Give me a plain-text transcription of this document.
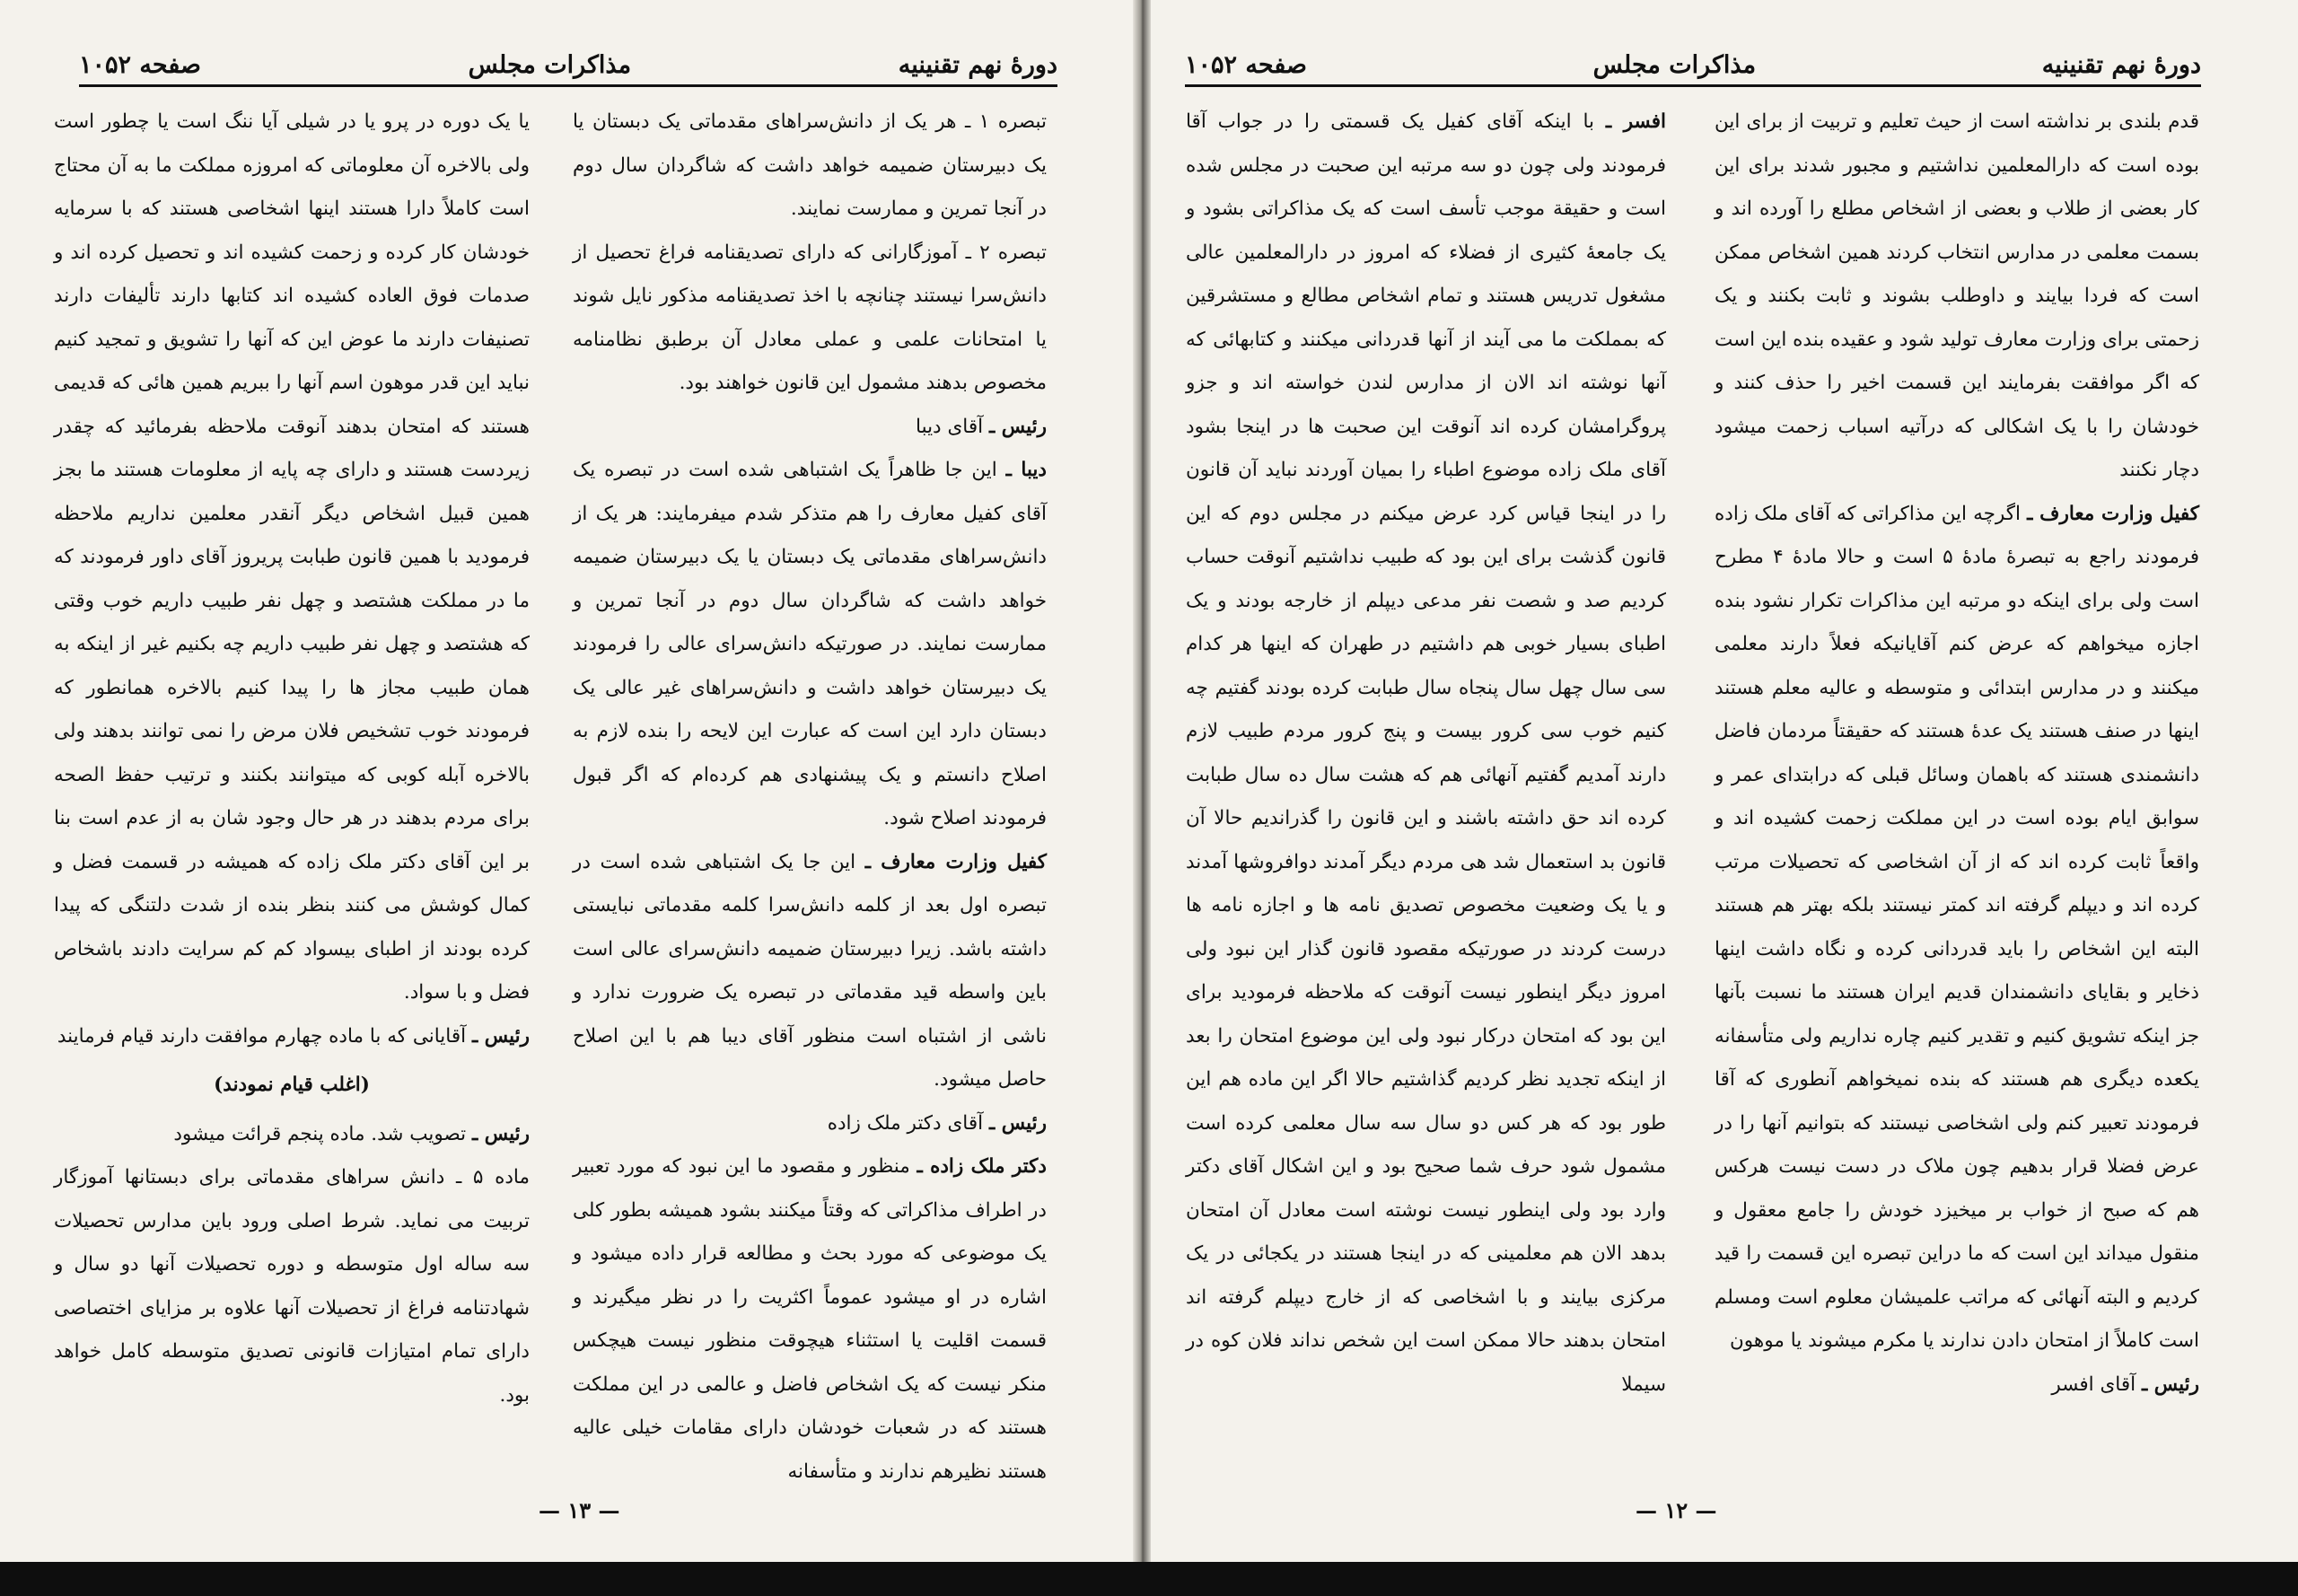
دورهٔ نهم تقنینیه
مذاکرات مجلس
صفحه ۱۰۵۲

تبصره ۱ ـ هر یک از دانش‌سراهای مقدماتی یک دبستان یا یک دبیرستان ضمیمه خواهد داشت که شاگردان سال دوم در آنجا تمرین و ممارست نمایند.

تبصره ۲ ـ آموزگارانی که دارای تصدیقنامه فراغ تحصیل از دانش‌سرا نیستند چنانچه با اخذ تصدیقنامه مذکور نایل شوند یا امتحانات علمی و عملی معادل آن برطبق نظامنامه مخصوص بدهند مشمول این قانون خواهند بود.

رئیس ـ آقای دیبا

دیبا ـ این جا ظاهراً یک اشتباهی شده است در تبصره یک آقای کفیل معارف را هم متذکر شدم میفرمایند: هر یک از دانش‌سراهای مقدماتی یک دبستان یا یک دبیرستان ضمیمه خواهد داشت که شاگردان سال دوم در آنجا تمرین و ممارست نمایند. در صورتیکه دانش‌سرای عالی را فرمودند یک دبیرستان خواهد داشت و دانش‌سراهای غیر عالی یک دبستان دارد این است که عبارت این لایحه را بنده لازم به اصلاح دانستم و یک پیشنهادی هم کرده‌ام که اگر قبول فرمودند اصلاح شود.

کفیل وزارت معارف ـ این جا یک اشتباهی شده است در تبصره اول بعد از کلمه دانش‌سرا کلمه مقدماتی نبایستی داشته باشد. زیرا دبیرستان ضمیمه دانش‌سرای عالی است باین واسطه قید مقدماتی در تبصره یک ضرورت ندارد و ناشی از اشتباه است منظور آقای دیبا هم با این اصلاح حاصل میشود.

رئیس ـ آقای دکتر ملک زاده

دکتر ملک زاده ـ منظور و مقصود ما این نبود که مورد تعبیر در اطراف مذاکراتی که وقتاً میکنند بشود همیشه بطور کلی یک موضوعی که مورد بحث و مطالعه قرار داده میشود و اشاره در او میشود عموماً اکثریت را در نظر میگیرند و قسمت اقلیت یا استثناء هیچوقت منظور نیست هیچکس منکر نیست که یک اشخاص فاضل و عالمی در این مملکت هستند که در شعبات خودشان دارای مقامات خیلی عالیه هستند نظیرهم ندارند و متأسفانه

یا یک دوره در پرو یا در شیلی آیا ننگ است یا چطور است ولی بالاخره آن معلوماتی که امروزه مملکت ما به آن محتاج است کاملاً دارا هستند اینها اشخاصی هستند که با سرمایه خودشان کار کرده و زحمت کشیده اند و تحصیل کرده اند و صدمات فوق العاده کشیده اند کتابها دارند تألیفات دارند تصنیفات دارند ما عوض این که آنها را تشویق و تمجید کنیم نباید این قدر موهون اسم آنها را ببریم همین هائی که قدیمی هستند که امتحان بدهند آنوقت ملاحظه بفرمائید که چقدر زیردست هستند و دارای چه پایه از معلومات هستند ما بجز همین قبیل اشخاص دیگر آنقدر معلمین نداریم ملاحظه فرمودید با همین قانون طبابت پریروز آقای داور فرمودند که ما در مملکت هشتصد و چهل نفر طبیب داریم خوب وقتی که هشتصد و چهل نفر طبیب داریم چه بکنیم غیر از اینکه به همان طبیب مجاز ها را پیدا کنیم بالاخره همانطور که فرمودند خوب تشخیص فلان مرض را نمی توانند بدهند ولی بالاخره آبله کوبی که میتوانند بکنند و ترتیب حفظ الصحه برای مردم بدهند در هر حال وجود شان به از عدم است بنا بر این آقای دکتر ملک زاده که همیشه در قسمت فضل و کمال کوشش می کنند بنظر بنده از شدت دلتنگی که پیدا کرده بودند از اطبای بیسواد کم کم سرایت دادند باشخاص فضل و با سواد.

رئیس ـ آقایانی که با ماده چهارم موافقت دارند قیام فرمایند

(اغلب قیام نمودند)

رئیس ـ تصویب شد. ماده پنجم قرائت میشود

ماده ۵ ـ دانش سراهای مقدماتی برای دبستانها آموزگار تربیت می نماید. شرط اصلی ورود باین مدارس تحصیلات سه ساله اول متوسطه و دوره تحصیلات آنها دو سال و شهادتنامه فراغ از تحصیلات آنها علاوه بر مزایای اختصاصی دارای تمام امتیازات قانونی تصدیق متوسطه کامل خواهد بود.

— ۱۳ —
دورهٔ نهم تقنینیه
مذاکرات مجلس
صفحه ۱۰۵۲

قدم بلندی بر نداشته است از حیث تعلیم و تربیت از برای این بوده است که دارالمعلمین نداشتیم و مجبور شدند برای این کار بعضی از طلاب و بعضی از اشخاص مطلع را آورده اند و بسمت معلمی در مدارس انتخاب کردند همین اشخاص ممکن است که فردا بیایند و داوطلب بشوند و ثابت بکنند و یک زحمتی برای وزارت معارف تولید شود و عقیده بنده این است که اگر موافقت بفرمایند این قسمت اخیر را حذف کنند و خودشان را با یک اشکالی که درآتیه اسباب زحمت میشود دچار نکنند

کفیل وزارت معارف ـ اگرچه این مذاکراتی که آقای ملک زاده فرمودند راجع به تبصرهٔ مادهٔ ۵ است و حالا مادهٔ ۴ مطرح است ولی برای اینکه دو مرتبه این مذاکرات تکرار نشود بنده اجازه میخواهم که عرض کنم آقایانیکه فعلاً دارند معلمی میکنند و در مدارس ابتدائی و متوسطه و عالیه معلم هستند اینها در صنف هستند یک عدهٔ هستند که حقیقتاً مردمان فاضل دانشمندی هستند که باهمان وسائل قبلی که درابتدای عمر و سوابق ایام بوده است در این مملکت زحمت کشیده اند و واقعاً ثابت کرده اند که از آن اشخاصی که تحصیلات مرتب کرده اند و دیپلم گرفته اند کمتر نیستند بلکه بهتر هم هستند البته این اشخاص را باید قدردانی کرده و نگاه داشت اینها ذخایر و بقایای دانشمندان قدیم ایران هستند ما نسبت بآنها جز اینکه تشویق کنیم و تقدیر کنیم چاره نداریم ولی متأسفانه یکعده دیگری هم هستند که بنده نمیخواهم آنطوری که آقا فرمودند تعبیر کنم ولی اشخاصی نیستند که بتوانیم آنها را در عرض فضلا قرار بدهیم چون ملاک در دست نیست هرکس هم که صبح از خواب بر میخیزد خودش را جامع معقول و منقول میداند این است که ما دراین تبصره این قسمت را قید کردیم و البته آنهائی که مراتب علمیشان معلوم است ومسلم است کاملاً از امتحان دادن ندارند یا مکرم میشوند یا موهون

رئیس ـ آقای افسر

افسر ـ با اینکه آقای کفیل یک قسمتی را در جواب آقا فرمودند ولی چون دو سه مرتبه این صحبت در مجلس شده است و حقیقة موجب تأسف است که یک مذاکراتی بشود و یک جامعهٔ کثیری از فضلاء که امروز در دارالمعلمین عالی مشغول تدریس هستند و تمام اشخاص مطالع و مستشرقین که بمملکت ما می آیند از آنها قدردانی میکنند و کتابهائی که آنها نوشته اند الان از مدارس لندن خواسته اند و جزو پروگرامشان کرده اند آنوقت این صحبت ها در اینجا بشود آقای ملک زاده موضوع اطباء را بمیان آوردند نباید آن قانون را در اینجا قیاس کرد عرض میکنم در مجلس دوم که این قانون گذشت برای این بود که طبیب نداشتیم آنوقت حساب کردیم صد و شصت نفر مدعی دیپلم از خارجه بودند و یک اطبای بسیار خوبی هم داشتیم در طهران که اینها هر کدام سی سال چهل سال پنجاه سال طبابت کرده بودند گفتیم چه کنیم خوب سی کرور بیست و پنج کرور مردم طبیب لازم دارند آمدیم گفتیم آنهائی هم که هشت سال ده سال طبابت کرده اند حق داشته باشند و این قانون را گذراندیم حالا آن قانون بد استعمال شد هی مردم دیگر آمدند دوافروشها آمدند و یا یک وضعیت مخصوص تصدیق نامه ها و اجازه نامه ها درست کردند در صورتیکه مقصود قانون گذار این نبود ولی امروز دیگر اینطور نیست آنوقت که ملاحظه فرمودید برای این بود که امتحان درکار نبود ولی این موضوع امتحان را بعد از اینکه تجدید نظر کردیم گذاشتیم حالا اگر این ماده هم این طور بود که هر کس دو سال سه سال معلمی کرده است مشمول شود حرف شما صحیح بود و این اشکال آقای دکتر وارد بود ولی اینطور نیست نوشته است معادل آن امتحان بدهد الان هم معلمینی که در اینجا هستند در یکجائی در یک مرکزی بیایند و با اشخاصی که از خارج دیپلم گرفته اند امتحان بدهند حالا ممکن است این شخص نداند فلان کوه در سیملا

— ۱۲ —
